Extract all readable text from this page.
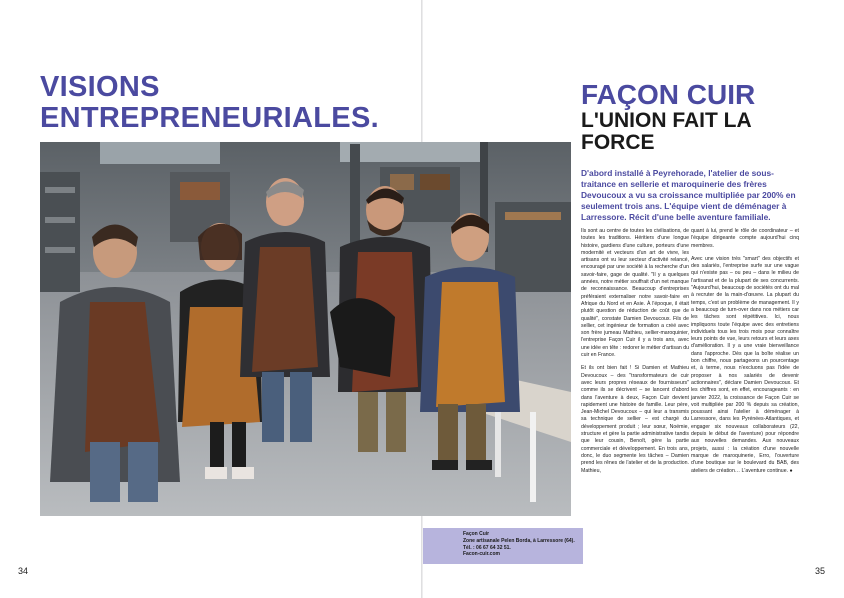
VISIONS ENTREPRENEURIALES.
FAÇON CUIR
L'UNION FAIT LA FORCE
D'abord installé à Peyrehorade, l'atelier de sous-traitance en sellerie et maroquinerie des frères Devoucoux a vu sa croissance multipliée par 200% en seulement trois ans. L'équipe vient de déménager à Larressore. Récit d'une belle aventure familiale.

Ils sont au centre de toutes les civilisations, de toutes les traditions. Héritiers d'une longue histoire, gardiens d'une culture, porteurs d'une modernité et vecteurs d'un art de vivre, les artisans ont vu leur secteur d'activité relancé, encouragé par une société à la recherche d'un savoir-faire, gage de qualité. "Il y a quelques années, notre métier souffrait d'un net manque de reconnaissance. Beaucoup d'entreprises préféraient externaliser notre savoir-faire en Afrique du Nord et en Asie. À l'époque, il était plutôt question de réduction de coût que de qualité", constate Damien Devoucoux. Fils de sellier, cet ingénieur de formation a créé avec son frère jumeau Mathieu, sellier-maroquinier, l'entreprise Façon Cuir il y a trois ans, avec une idée en tête : redorer le métier d'artisan du cuir en France.

Et ils ont bien fait ! Si Damien et Mathieu Devoucoux – des "transformateurs de cuir avec leurs propres réseaux de fournisseurs" comme ils se décrivent – se lancent d'abord dans l'aventure à deux, Façon Cuir devient rapidement une histoire de famille. Leur père, Jean-Michel Devoucoux – qui leur a transmis sa technique de sellier – est chargé du développement produit ; leur sœur, Noémie, structure et gère la partie administrative tandis que leur cousin, Benoît, gère la partie commerciale et développement. En trois ans, donc, le duo segmente les tâches – Damien prend les rênes de l'atelier et de la production. Mathieu,

quant à lui, prend le rôle de coordinateur – et l'équipe dirigeante compte aujourd'hui cinq membres.

Avec une vision très "smart" des objectifs et des salariés, l'entreprise surfe sur une vague qui n'existe pas – ou peu – dans le milieu de l'artisanat et de la plupart de ses concurrents. "Aujourd'hui, beaucoup de sociétés ont du mal à recruter de la main-d'œuvre. La plupart du temps, c'est un problème de management. Il y a beaucoup de turn-over dans nos métiers car les tâches sont répétitives. Ici, nous impliquons toute l'équipe avec des entretiens individuels tous les trois mois pour connaître leurs points de vue, leurs retours et leurs axes d'amélioration. Il y a une vraie bienveillance dans l'approche. Dès que la boîte réalise un bon chiffre, nous partageons un pourcentage et, à terme, nous n'excluons pas l'idée de proposer à nos salariés de devenir actionnaires", déclare Damien Devoucoux. Et les chiffres sont, en effet, encourageants : en janvier 2022, la croissance de Façon Cuir se voit multipliée par 200 % depuis sa création, poussant ainsi l'atelier à déménager à Larressore, dans les Pyrénées-Atlantiques, et engager six nouveaux collaborateurs (22, depuis le début de l'aventure) pour répondre aux nouvelles demandes. Aux nouveaux projets, aussi : la création d'une nouvelle marque de maroquinerie, Erro, l'ouverture d'une boutique sur le boulevard du BAB, des ateliers de création… L'aventure continue. ●

Façon Cuir
Zone artisanale Pelen Borda, à Larressore (64).
Tél. : 06 67 64 32 51.
Facon-cuir.com
34	35
